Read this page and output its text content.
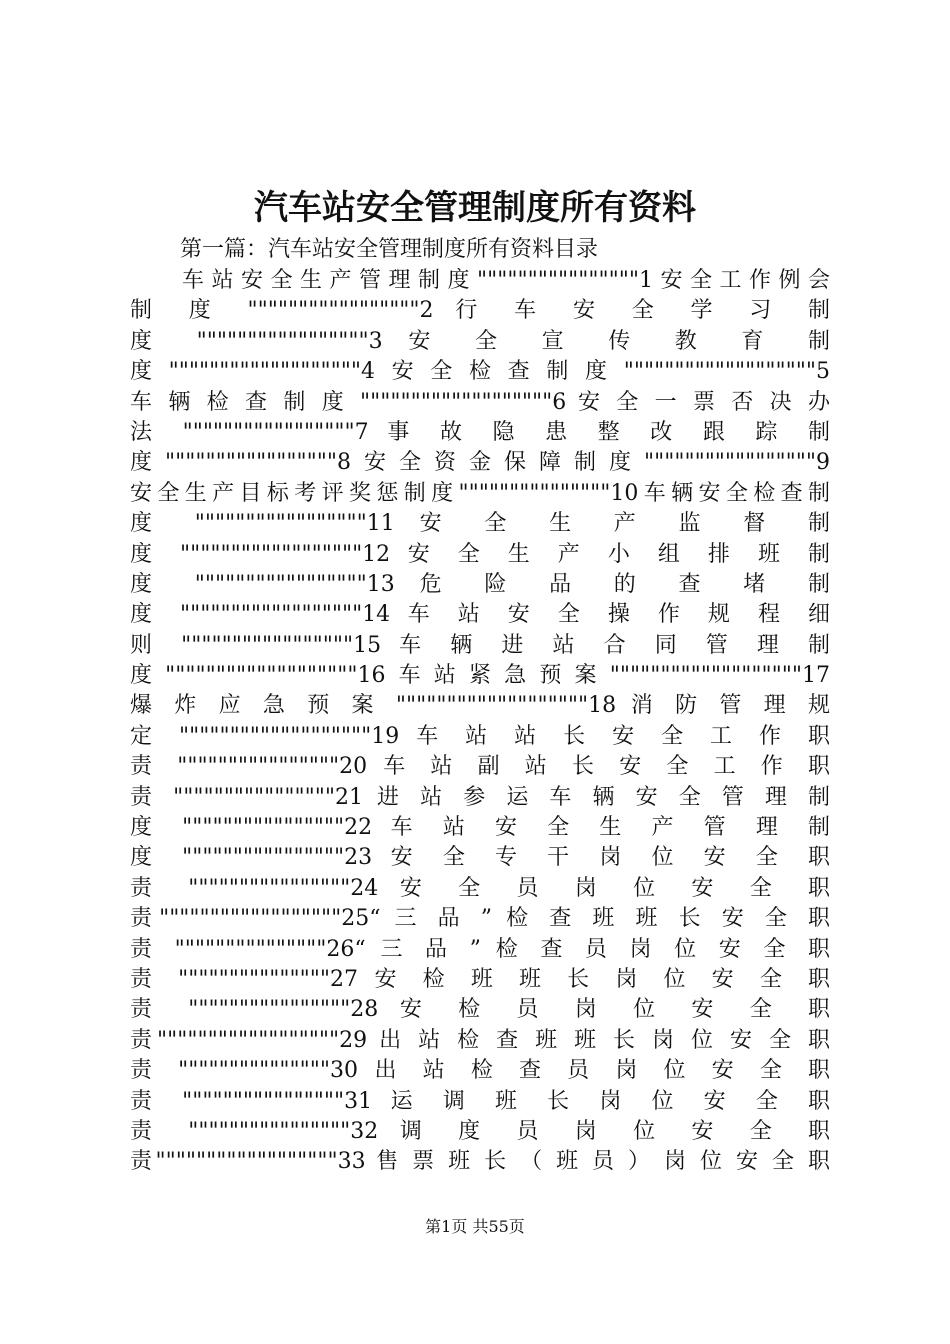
汽车站安全管理制度所有资料
第一篇：汽车站安全管理制度所有资料目录
车站安全生产管理制度""""""""""""""""1安全工作例会
制 度 """""""""""""""""2 行 车 安 全 学 习 制
度 """""""""""""""""3 安 全 宣 传 教 育 制
度"""""""""""""""""""4安全检查制度"""""""""""""""""""5
车 辆 检 查 制 度 """""""""""""""""""6 安 全 一 票 否 决 办
法 """""""""""""""""7 事 故 隐 患 整 改 跟 踪 制
度"""""""""""""""""8安全资金保障制度"""""""""""""""""9
安全生产目标考评奖惩制度"""""""""""""""10车辆安全检查制
度 """""""""""""""""11 安 全 生 产 监 督 制
度 """"""""""""""""""12 安 全 生 产 小 组 排 班 制
度 """""""""""""""""13 危 险 品 的 查 堵 制
度 """"""""""""""""""14 车 站 安 全 操 作 规 程 细
则 """""""""""""""""15 车 辆 进 站 合 同 管 理 制
度"""""""""""""""""""16车站紧急预案"""""""""""""""""""17
爆 炸 应 急 预 案 """""""""""""""""""18 消 防 管 理 规
定 """""""""""""""""""19 车 站 站 长 安 全 工 作 职
责 """"""""""""""""20 车 站 副 站 长 安 全 工 作 职
责 """"""""""""""""21 进 站 参 运 车 辆 安 全 管 理 制
度 """"""""""""""""22 车 站 安 全 生 产 管 理 制
度 """"""""""""""""23 安 全 专 干 岗 位 安 全 职
责 """"""""""""""""24 安 全 员 岗 位 安 全 职
责""""""""""""""""""25“ 三 品 ” 检 查 班 班 长 安 全 职
责 """""""""""""""26“ 三 品 ” 检 查 员 岗 位 安 全 职
责 """""""""""""""27 安 检 班 班 长 岗 位 安 全 职
责 """"""""""""""""28 安 检 员 岗 位 安 全 职
责""""""""""""""""""29 出 站 检 查 班 班 长 岗 位 安 全 职
责 """""""""""""""30 出 站 检 查 员 岗 位 安 全 职
责 """"""""""""""""31 运 调 班 长 岗 位 安 全 职
责 """"""""""""""""32 调 度 员 岗 位 安 全 职
责""""""""""""""""""33 售 票 班 长 （ 班 员 ） 岗 位 安 全 职
第1页 共55页
